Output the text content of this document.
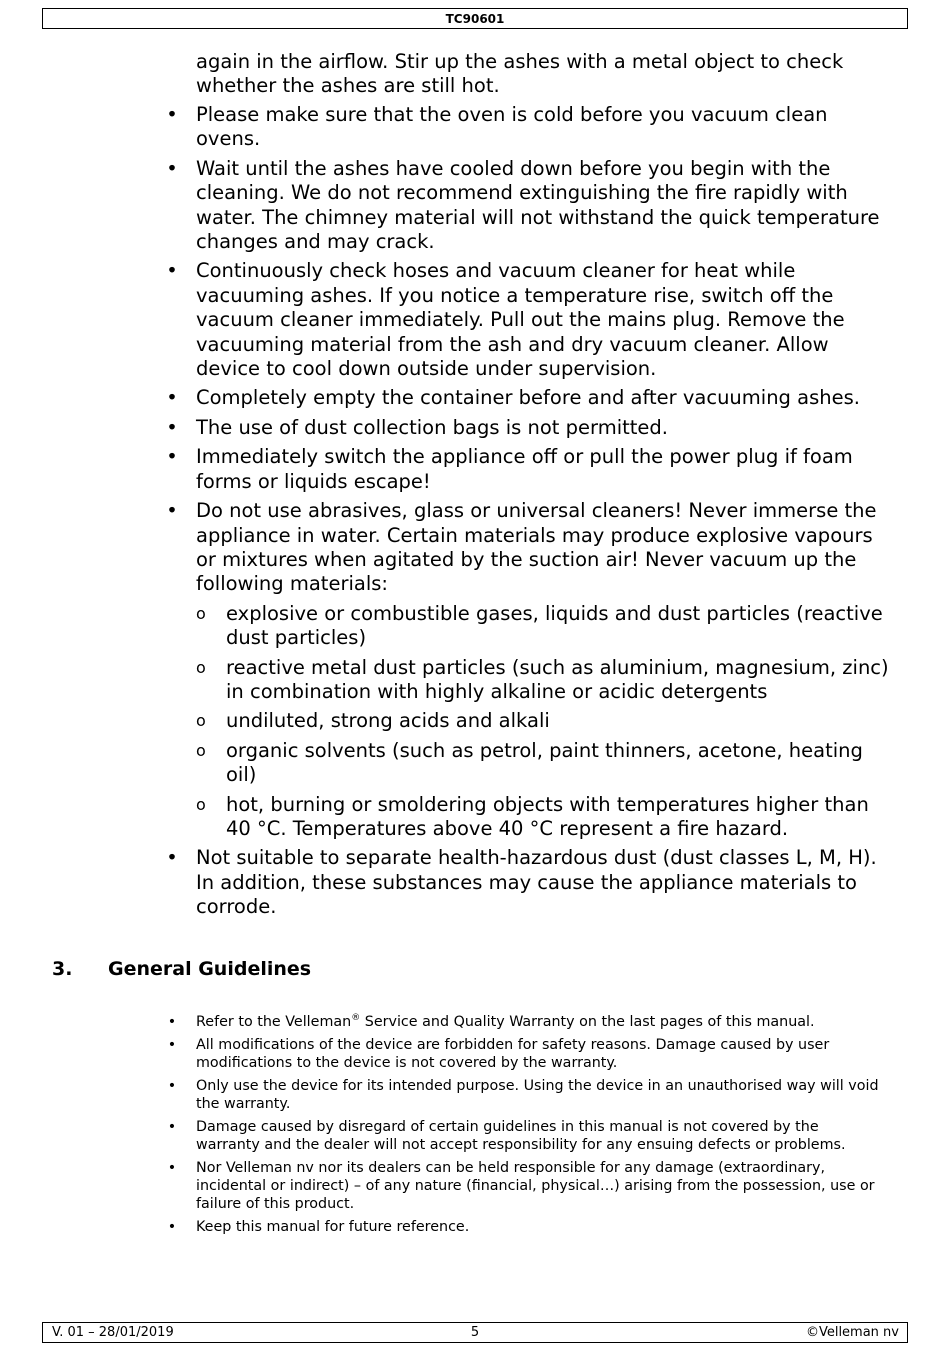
TC90601

again in the airflow. Stir up the ashes with a metal object to check whether the ashes are still hot.

• Please make sure that the oven is cold before you vacuum clean ovens.
• Wait until the ashes have cooled down before you begin with the cleaning. We do not recommend extinguishing the fire rapidly with water. The chimney material will not withstand the quick temperature changes and may crack.
• Continuously check hoses and vacuum cleaner for heat while vacuuming ashes. If you notice a temperature rise, switch off the vacuum cleaner immediately. Pull out the mains plug. Remove the vacuuming material from the ash and dry vacuum cleaner. Allow device to cool down outside under supervision.
• Completely empty the container before and after vacuuming ashes.
• The use of dust collection bags is not permitted.
• Immediately switch the appliance off or pull the power plug if foam forms or liquids escape!
• Do not use abrasives, glass or universal cleaners! Never immerse the appliance in water. Certain materials may produce explosive vapours or mixtures when agitated by the suction air! Never vacuum up the following materials:
o explosive or combustible gases, liquids and dust particles (reactive dust particles)
o reactive metal dust particles (such as aluminium, magnesium, zinc) in combination with highly alkaline or acidic detergents
o undiluted, strong acids and alkali
o organic solvents (such as petrol, paint thinners, acetone, heating oil)
o hot, burning or smoldering objects with temperatures higher than 40 °C. Temperatures above 40 °C represent a fire hazard.
• Not suitable to separate health-hazardous dust (dust classes L, M, H). In addition, these substances may cause the appliance materials to corrode.
3. General Guidelines
• Refer to the Velleman® Service and Quality Warranty on the last pages of this manual.
• All modifications of the device are forbidden for safety reasons. Damage caused by user modifications to the device is not covered by the warranty.
• Only use the device for its intended purpose. Using the device in an unauthorised way will void the warranty.
• Damage caused by disregard of certain guidelines in this manual is not covered by the warranty and the dealer will not accept responsibility for any ensuing defects or problems.
• Nor Velleman nv nor its dealers can be held responsible for any damage (extraordinary, incidental or indirect) – of any nature (financial, physical…) arising from the possession, use or failure of this product.
• Keep this manual for future reference.
V. 01 – 28/01/2019	5	©Velleman nv
